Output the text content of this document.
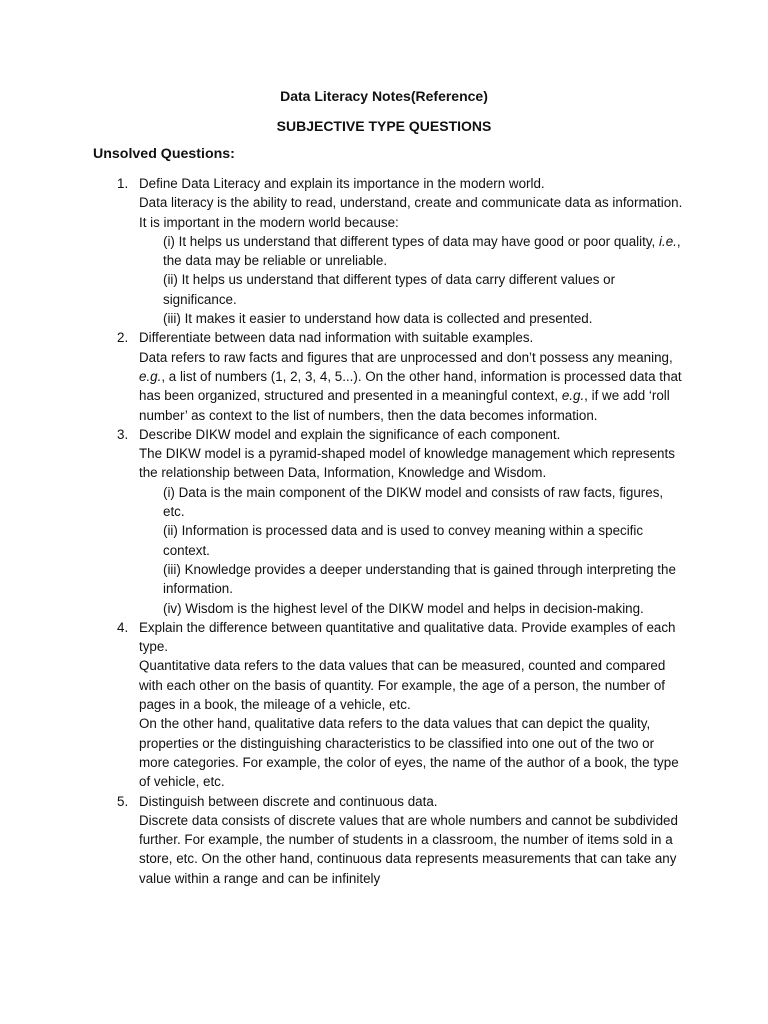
Data Literacy Notes(Reference)
SUBJECTIVE TYPE QUESTIONS
Unsolved Questions:
1. Define Data Literacy and explain its importance in the modern world.

Data literacy is the ability to read, understand, create and communicate data as information. It is important in the modern world because:

(i) It helps us understand that different types of data may have good or poor quality, i.e., the data may be reliable or unreliable.

(ii) It helps us understand that different types of data carry different values or significance.

(iii) It makes it easier to understand how data is collected and presented.

2. Differentiate between data nad information with suitable examples.

Data refers to raw facts and figures that are unprocessed and don’t possess any meaning, e.g., a list of numbers (1, 2, 3, 4, 5...). On the other hand, information is processed data that has been organized, structured and presented in a meaningful context, e.g., if we add ‘roll number’ as context to the list of numbers, then the data becomes information.

3. Describe DIKW model and explain the significance of each component.

The DIKW model is a pyramid-shaped model of knowledge management which represents the relationship between Data, Information, Knowledge and Wisdom.

(i) Data is the main component of the DIKW model and consists of raw facts, figures, etc.

(ii) Information is processed data and is used to convey meaning within a specific context.

(iii) Knowledge provides a deeper understanding that is gained through interpreting the information.

(iv) Wisdom is the highest level of the DIKW model and helps in decision-making.

4. Explain the difference between quantitative and qualitative data. Provide examples of each type.

Quantitative data refers to the data values that can be measured, counted and compared with each other on the basis of quantity. For example, the age of a person, the number of pages in a book, the mileage of a vehicle, etc.

On the other hand, qualitative data refers to the data values that can depict the quality, properties or the distinguishing characteristics to be classified into one out of the two or more categories. For example, the color of eyes, the name of the author of a book, the type of vehicle, etc.

5. Distinguish between discrete and continuous data.

Discrete data consists of discrete values that are whole numbers and cannot be subdivided further. For example, the number of students in a classroom, the number of items sold in a store, etc. On the other hand, continuous data represents measurements that can take any value within a range and can be infinitely
